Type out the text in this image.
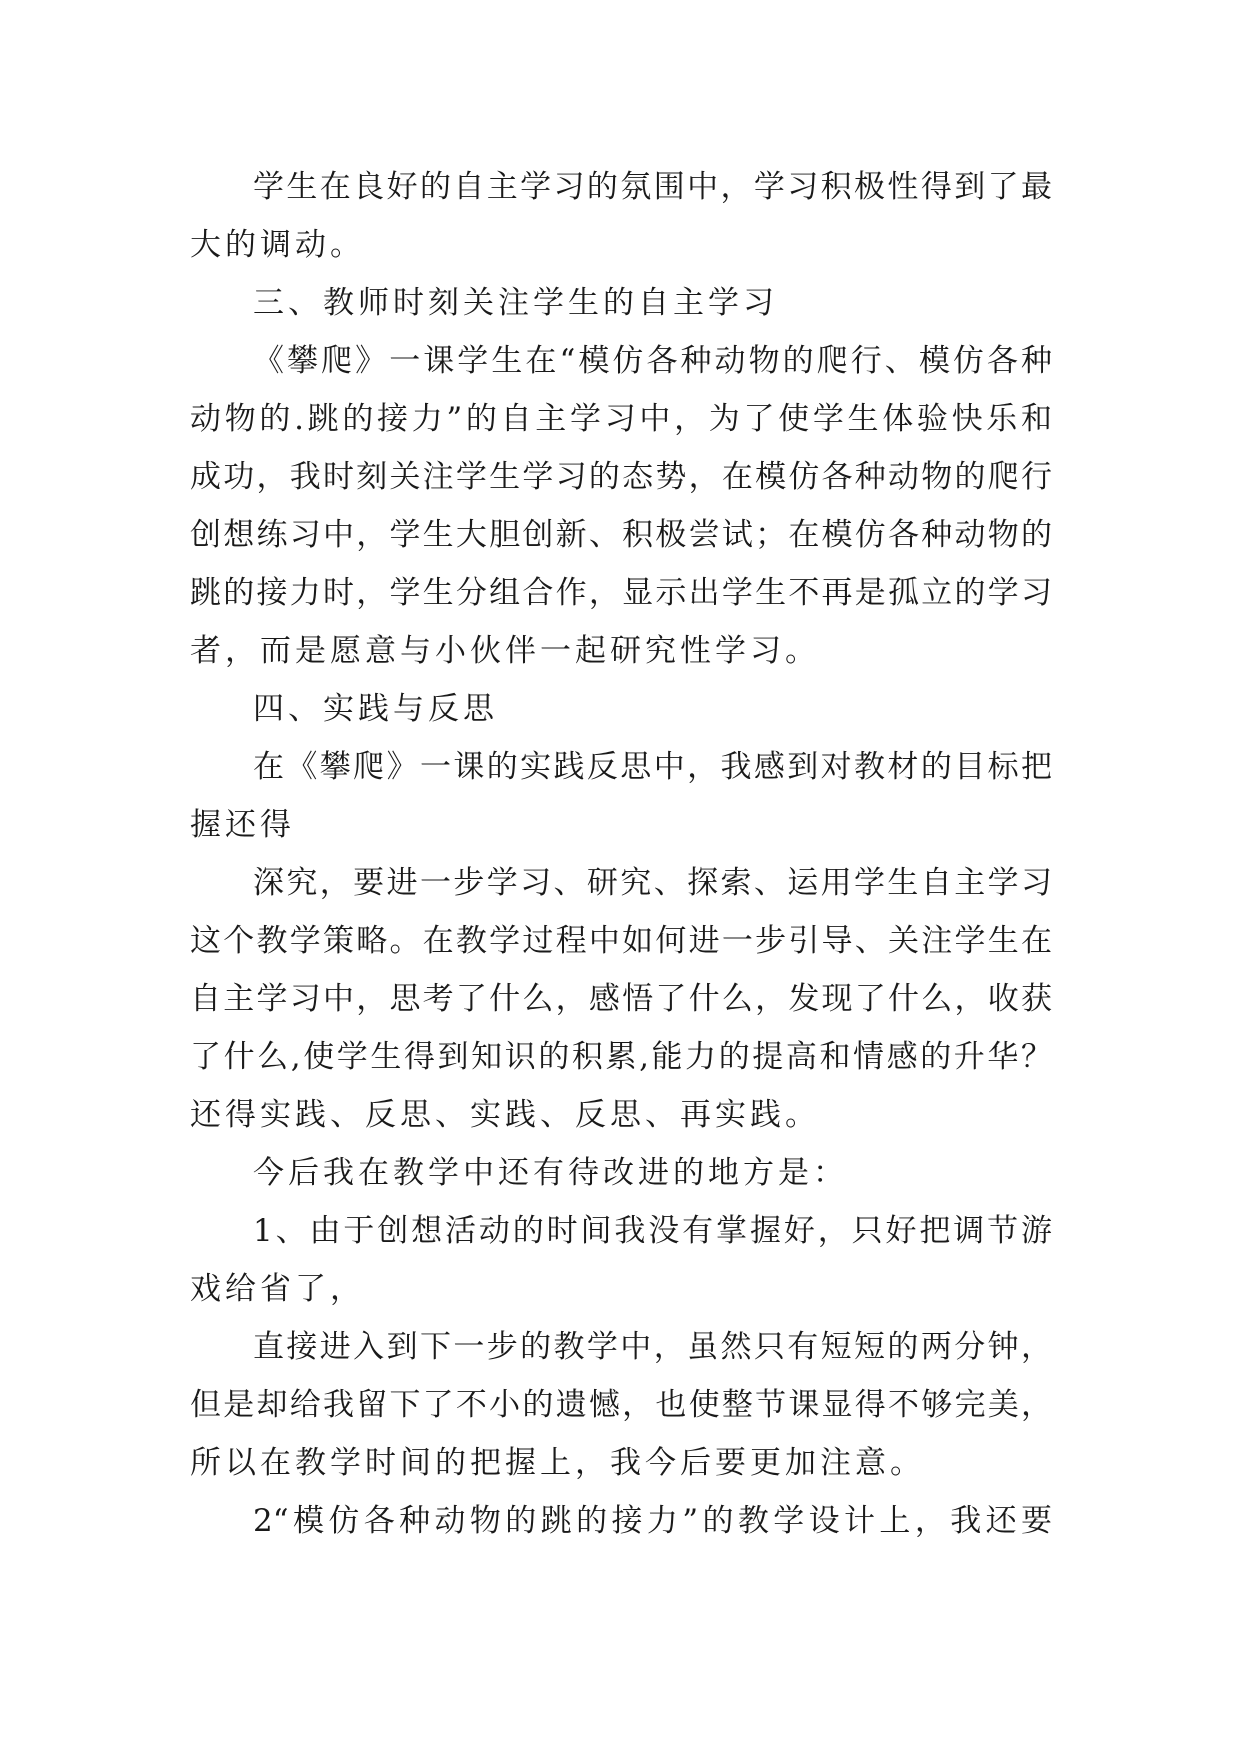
学生在良好的自主学习的氛围中，学习积极性得到了最
大的调动。
三、教师时刻关注学生的自主学习
《攀爬》一课学生在“模仿各种动物的爬行、模仿各种
动物的.跳的接力”的自主学习中，为了使学生体验快乐和
成功，我时刻关注学生学习的态势，在模仿各种动物的爬行
创想练习中，学生大胆创新、积极尝试；在模仿各种动物的
跳的接力时，学生分组合作，显示出学生不再是孤立的学习
者，而是愿意与小伙伴一起研究性学习。
四、实践与反思
在《攀爬》一课的实践反思中，我感到对教材的目标把
握还得
深究，要进一步学习、研究、探索、运用学生自主学习
这个教学策略。在教学过程中如何进一步引导、关注学生在
自主学习中，思考了什么，感悟了什么，发现了什么，收获
了什么,使学生得到知识的积累,能力的提高和情感的升华？
还得实践、反思、实践、反思、再实践。
今后我在教学中还有待改进的地方是：
1、由于创想活动的时间我没有掌握好，只好把调节游
戏给省了，
直接进入到下一步的教学中，虽然只有短短的两分钟，
但是却给我留下了不小的遗憾，也使整节课显得不够完美，
所以在教学时间的把握上，我今后要更加注意。
2“模仿各种动物的跳的接力”的教学设计上，我还要
